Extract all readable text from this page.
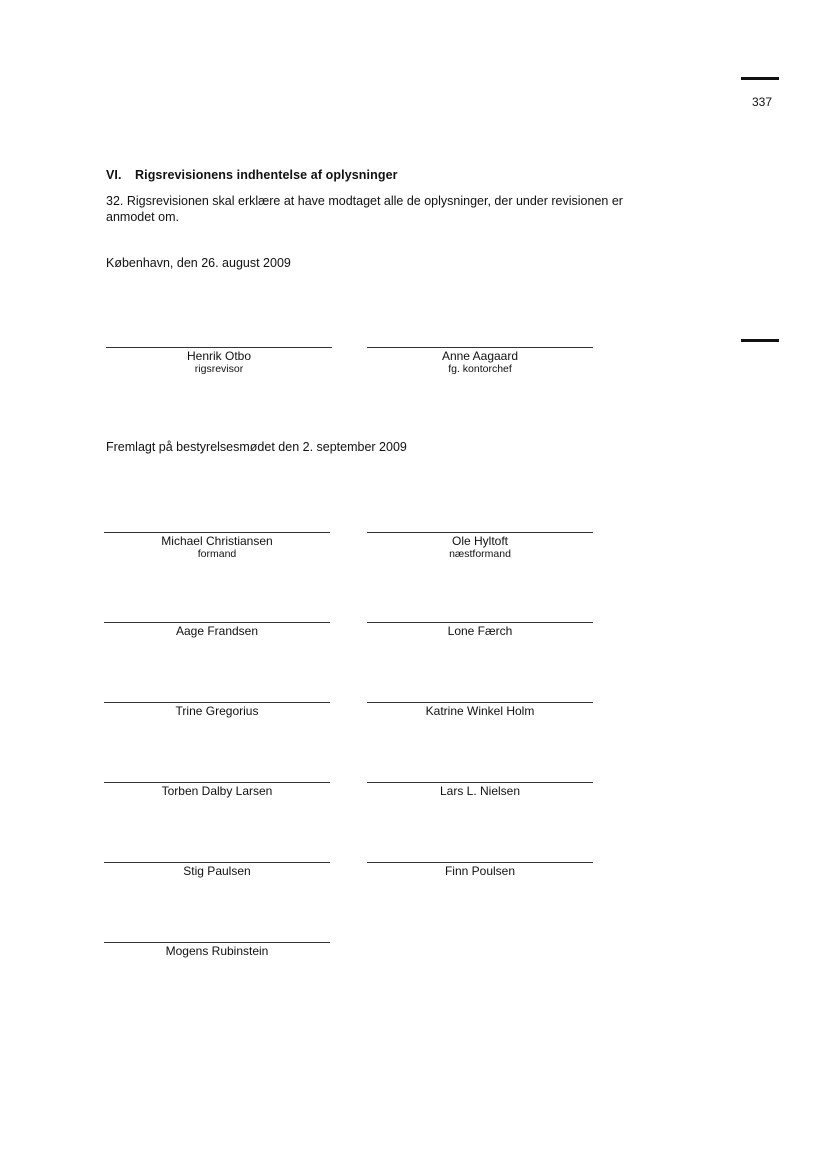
337
VI. Rigsrevisionens indhentelse af oplysninger
32. Rigsrevisionen skal erklære at have modtaget alle de oplysninger, der under revisionen er anmodet om.
København, den 26. august 2009
Henrik Otbo
rigsrevisor
Anne Aagaard
fg. kontorchef
Fremlagt på bestyrelsesmødet den 2. september 2009
Michael Christiansen
formand
Ole Hyltoft
næstformand
Aage Frandsen	Lone Færch
Trine Gregorius	Katrine Winkel Holm
Torben Dalby Larsen	Lars L. Nielsen
Stig Paulsen	Finn Poulsen
Mogens Rubinstein
